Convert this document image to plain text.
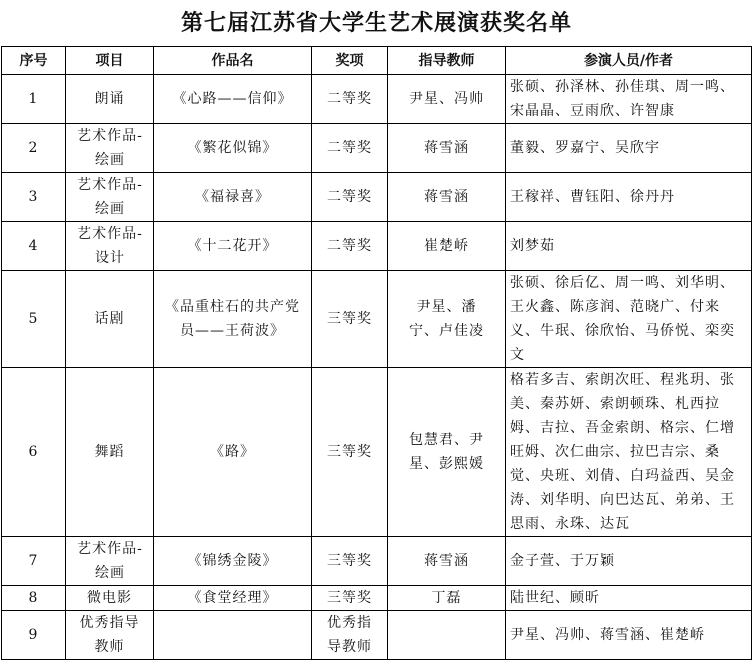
第七届江苏省大学生艺术展演获奖名单
序号	项目	作品名	奖项	指导教师	参演人员/作者
1	朗诵	《心路——信仰》	二等奖	尹星、冯帅	张硕、孙泽林、孙佳琪、周一鸣、宋晶晶、豆雨欣、许智康
2	艺术作品-绘画	《繁花似锦》	二等奖	蒋雪涵	董毅、罗嘉宁、吴欣宇
3	艺术作品-绘画	《福禄喜》	二等奖	蒋雪涵	王稼祥、曹钰阳、徐丹丹
4	艺术作品-设计	《十二花开》	二等奖	崔楚峤	刘梦茹
5	话剧	《品重柱石的共产党员——王荷波》	三等奖	尹星、潘宁、卢佳凌	张硕、徐后亿、周一鸣、刘华明、王火鑫、陈彦润、范晓广、付来义、牛珉、徐欣怡、马侨悦、栾奕文
6	舞蹈	《路》	三等奖	包慧君、尹星、彭熙媛	格若多吉、索朗次旺、程兆玥、张美、秦苏妍、索朗顿珠、札西拉姆、吉拉、吾金索朗、格宗、仁增旺姆、次仁曲宗、拉巴吉宗、桑觉、央班、刘倩、白玛益西、吴金涛、刘华明、向巴达瓦、弟弟、王思雨、永珠、达瓦
7	艺术作品-绘画	《锦绣金陵》	三等奖	蒋雪涵	金子萱、于万颖
8	微电影	《食堂经理》	三等奖	丁磊	陆世纪、顾昕
9	优秀指导教师		优秀指导教师		尹星、冯帅、蒋雪涵、崔楚峤
